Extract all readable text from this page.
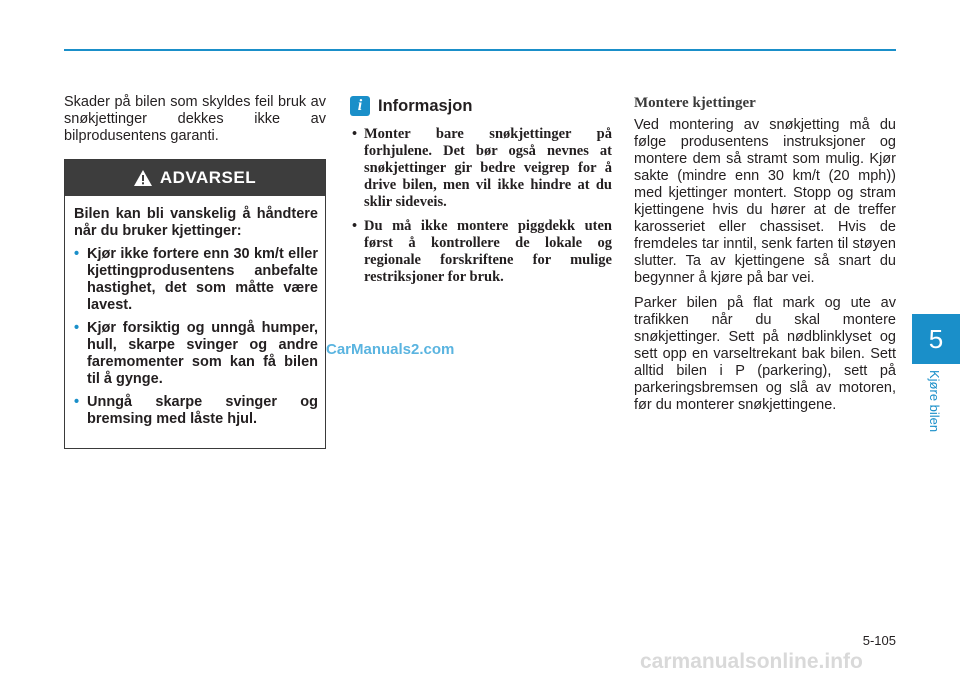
Skader på bilen som skyldes feil bruk av snøkjettinger dekkes ikke av bilprodusentens garanti.

ADVARSEL

Bilen kan bli vanskelig å håndtere når du bruker kjettinger:

• Kjør ikke fortere enn 30 km/t eller kjettingprodusentens anbefalte hastighet, det som måtte være lavest.
• Kjør forsiktig og unngå humper, hull, skarpe svinger og andre faremomenter som kan få bilen til å gynge.
• Unngå skarpe svinger og bremsing med låste hjul.
i Informasjon
• Monter bare snøkjettinger på forhjulene. Det bør også nevnes at snøkjettinger gir bedre veigrep for å drive bilen, men vil ikke hindre at du sklir sideveis.
• Du må ikke montere piggdekk uten først å kontrollere de lokale og regionale forskriftene for mulige restriksjoner for bruk.
CarManuals2.com
Montere kjettinger

Ved montering av snøkjetting må du følge produsentens instruksjoner og montere dem så stramt som mulig. Kjør sakte (mindre enn 30 km/t (20 mph)) med kjettinger montert. Stopp og stram kjettingene hvis du hører at de treffer karosseriet eller chassiset. Hvis de fremdeles tar inntil, senk farten til støyen slutter. Ta av kjettingene så snart du begynner å kjøre på bar vei.

Parker bilen på flat mark og ute av trafikken når du skal montere snøkjettinger. Sett på nødblinklyset og sett opp en varseltrekant bak bilen. Sett alltid bilen i P (parkering), sett på parkeringsbremsen og slå av motoren, før du monterer snøkjettingene.

5
Kjøre bilen
5-105
carmanualsonline.info
